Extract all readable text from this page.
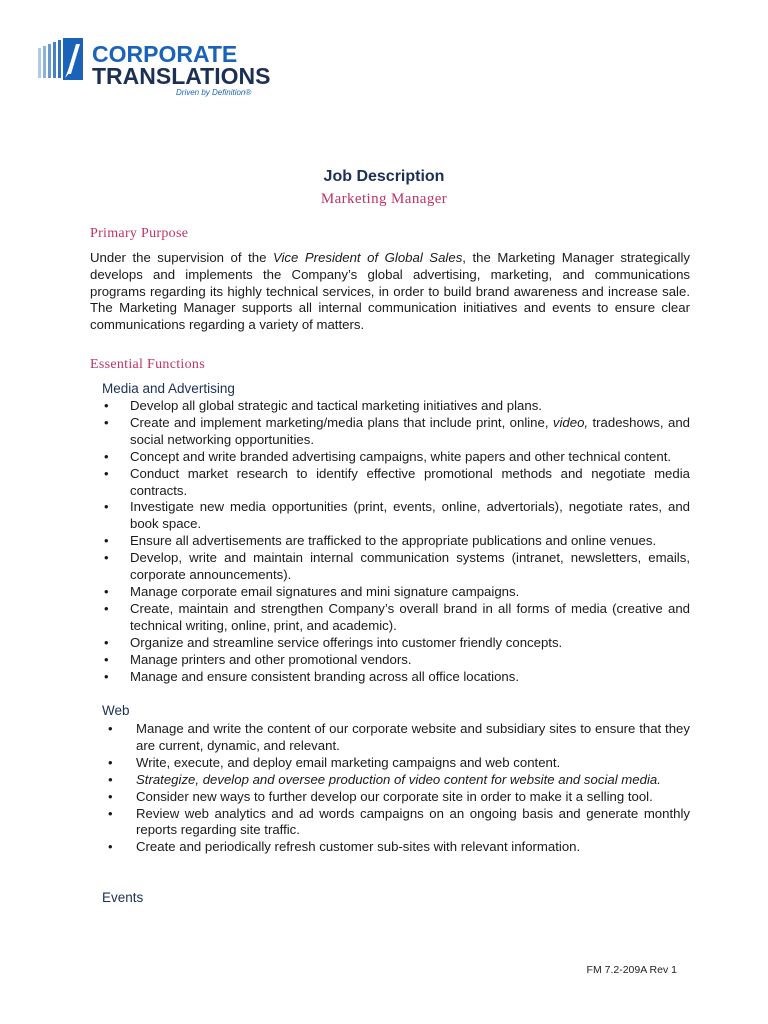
CORPORATE
TRANSLATIONS
Driven by Definition®
Job Description
Marketing Manager
Primary Purpose
Under the supervision of the Vice President of Global Sales, the Marketing Manager strategically develops and implements the Company’s global advertising, marketing, and communications programs regarding its highly technical services, in order to build brand awareness and increase sale. The Marketing Manager supports all internal communication initiatives and events to ensure clear communications regarding a variety of matters.
Essential Functions
Media and Advertising
• Develop all global strategic and tactical marketing initiatives and plans.
• Create and implement marketing/media plans that include print, online, video, tradeshows, and social networking opportunities.
• Concept and write branded advertising campaigns, white papers and other technical content.
• Conduct market research to identify effective promotional methods and negotiate media contracts.
• Investigate new media opportunities (print, events, online, advertorials), negotiate rates, and book space.
• Ensure all advertisements are trafficked to the appropriate publications and online venues.
• Develop, write and maintain internal communication systems (intranet, newsletters, emails, corporate announcements).
• Manage corporate email signatures and mini signature campaigns.
• Create, maintain and strengthen Company’s overall brand in all forms of media (creative and technical writing, online, print, and academic).
• Organize and streamline service offerings into customer friendly concepts.
• Manage printers and other promotional vendors.
• Manage and ensure consistent branding across all office locations.
Web
• Manage and write the content of our corporate website and subsidiary sites to ensure that they are current, dynamic, and relevant.
• Write, execute, and deploy email marketing campaigns and web content.
• Strategize, develop and oversee production of video content for website and social media.
• Consider new ways to further develop our corporate site in order to make it a selling tool.
• Review web analytics and ad words campaigns on an ongoing basis and generate monthly reports regarding site traffic.
• Create and periodically refresh customer sub-sites with relevant information.
Events
FM 7.2-209A Rev 1
